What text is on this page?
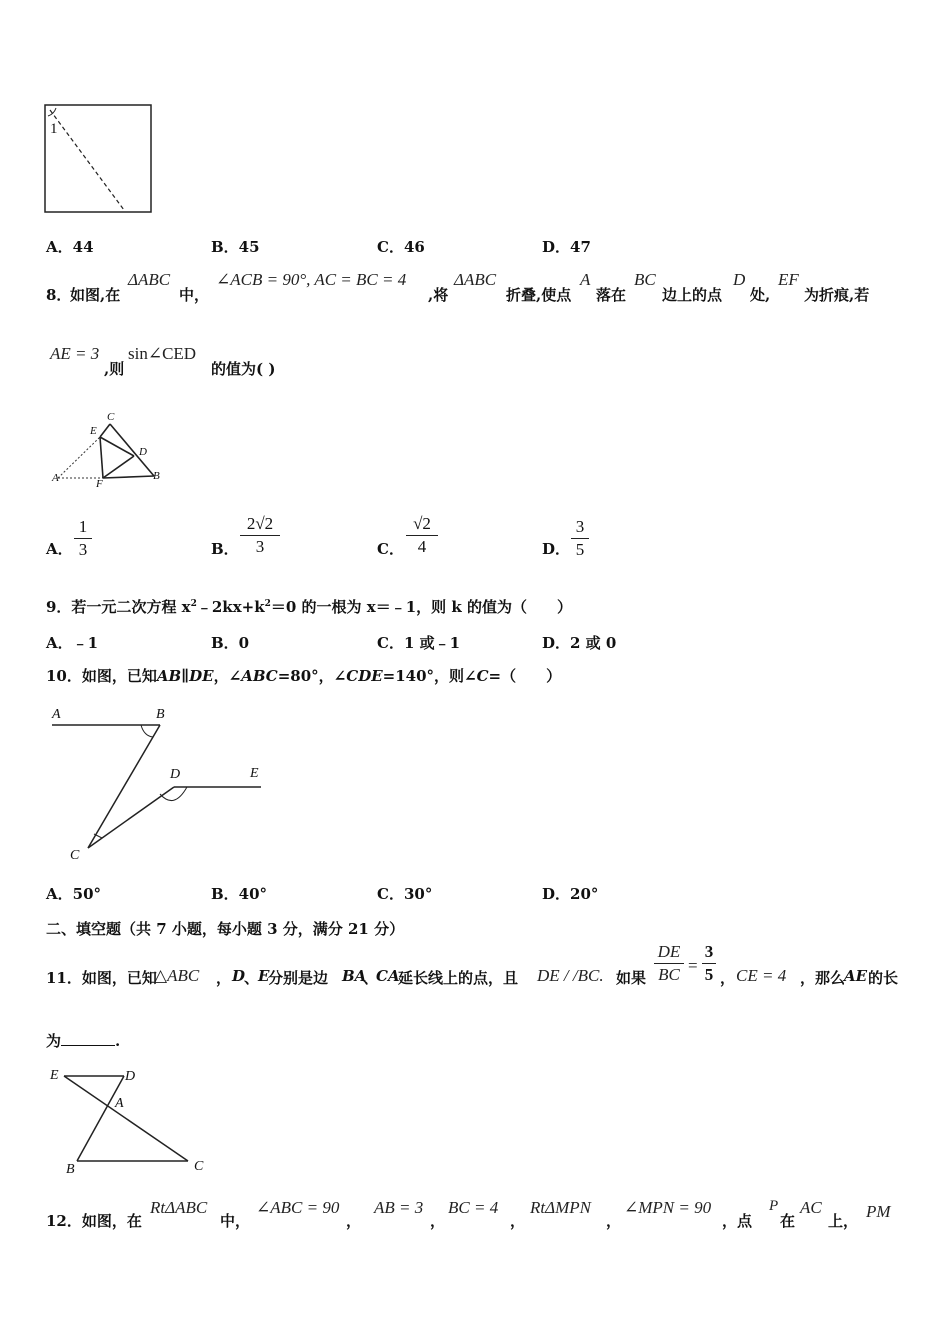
1
A．44	B．45	C．46	D．47
8．
如图,在
ΔABC
中，
∠ACB = 90°, AC = BC = 4
,将
ΔABC
折叠,使点
A
落在
BC
边上的点
D
处,
EF
为折痕,若
AE = 3
,则
sin∠CED
的值为( )
C
E
D
A	F
B
A．
1
3	B．
2√2
3	C．
√2
4	D．
3
5
9．若一元二次方程 $x^2﹣2kx+k^2=0$ 的一根为 x＝﹣1，则 k 的值为（　　）
A．﹣1	B．0	C．1 或﹣1	D．2 或 0
10．如图，已知AB∥DE，∠ABC=80°，∠CDE=140°，则∠C=（　　）
A	B
D	E
C
A．50°	B．40°	C．30°	D．20°
二、填空题（共 7 小题，每小题 3 分，满分 21 分）
11．如图，已知
△ABC ， D
、
E
分别是边 BA
、
CA
延长线上的点，且 DE / /BC. 如果
DE
BC =
3
5 ， CE = 4 ，那么
AE 的长
为	.
E	D
A
B	C
12．如图，在
RtΔABC
中，
∠ABC = 90
，
AB = 3
，
BC = 4
，
RtΔMPN
，
∠MPN = 90
，点
P
在
AC
上， PM
